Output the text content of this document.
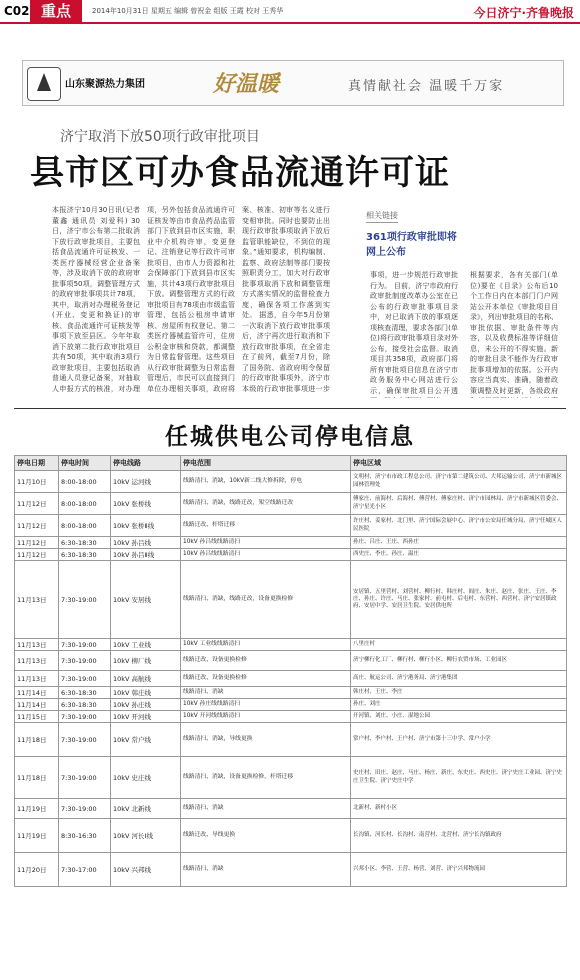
C02 重点	2014年10月31日 星期五 编辑 曾祝金 组版 王霞 校对 王秀华	今日济宁·齐鲁晚报
山东聚源热力集团	好温暖	真情献社会 温暖千万家
济宁取消下放50项行政审批项目
县市区可办食品流通许可证
本报济宁10月30日讯(记者 董鑫 通讯员 刘爱科) 30日，济宁市公布第二批取消下放行政审批项目，主要包括食品流通许可证核发、一类医疗器械经营企业备案等，涉及取消下放的政府审批事项50项，调整管理方式的政府审批事项共计78项，其中，取消对办理税务登记(开业、变更和换证)的审核、食品流通许可证核发等事项下放至县区。今年年取消下放第二批行政审批项目共有50项，其中取消3项行政审批项目，主要包括取消普通人员登记备案，对抽取人申报方式的核准，对办理
项，另外包括食品流通许可证核发等由市食品药品监管部门下放到县市区实施，职业中介机构许审，变更登记、注销登记等行政许可审批项目，由市人力资源和社会保障部门下放到县市区实施，共计43项行政审批项目下放。调整管理方式的行政审批项目有78项由市级监管管理，包括公租房申请审核、房屋所有权登记、第二类医疗器械监管许可，住房公积金审核和贷款，都调整为日常监督管理。这些项目从行政审批调整为日常监督管理后，市民可以直接到门单位办理相关事项，政府将
案、核准、初审等名义进行变相审批。同时也要防止出现行政审批事项取消下放后监管职能缺位，不到位的现象。”通知要求，机构编制、监察、政府法制等部门要按照职责分工，加大对行政审批事项取消下放和调整管理方式落实情况的监督检查力度，确保各项工作落到实处。 据悉，自今年5月份第一次取消下放行政审批事项后，济宁再次进行取消和下放行政审批事项，在全省走在了前列，截至7月份，除了国务院、省政府明令保留的行政审批事项外，济宁市本级的行政审批事项进一步
相关链接
361项行政审批即将网上公布
事项，进一步规范行政审批行为。 目前，济宁市政府行政审批制度改革办公室在已公布的行政审批事项目录中，对已取消下放的事项逐项核查清理，要求各部门(单位)将行政审批事项目录对外公布，接受社会监督。取消项目共358项，政府部门将所有审批项目信息在济宁市政务服务中心网站进行公示，确保审批项目公开透
根据要求，各有关部门(单位)要在《目录》公布后10个工作日内在本部门门户网站公开本单位《审批项目目录》，列出审批项目的名称、审批依据、审批条件等内容，以及收费标准等详细信息，未公开的不得实施。新的审批目录不能作为行政审批事项增加的依据。公开内容应当真实、准确，随着政策调整及时更新，各级政府
任城供电公司停电信息
停电日期	停电时间	停电线路	停电范围	停电区域
11月10日	8:00-18:00	10kV 运河线	线路清扫、消缺，10kV新二线大修拆除，停电	文明村、济宁市市政工程总公司、济宁市第二建筑公司、大邦运输公司、济宁市新城区园林管理处
11月12日	8:00-18:00	10kV 张桥线	线路清扫、消缺，线路迁改，架空线路迁改	傅家庄、前海村、后海村、傅营村、傅家庄村、济宁市园林局、济宁市新城区管委会、济宁星光小区
11月12日	8:00-18:00	10kV 张桥Ⅱ线	线路迁改、杆塔迁移	许庄村、姜家村、北门里、济宁国际会展中心、济宁市公安局任城分局、济宁任城区人民医院
11月12日	6:30-18:30	10kV 孙吕线	10kV 孙吕线线路清扫	孙庄、吕庄、王庄、西孙庄
11月12日	6:30-18:30	10kV 孙吕Ⅱ线	10kV 孙吕线线路清扫	西史庄、李庄、孙庄、温庄
11月13日	7:30-19:00	10kV 安居线	线路清扫、消缺，线路迁改，设备更换检修	安居镇、五里营村、刘营村、柳行村、韩庄村、阎庄、朱庄、赵庄、张庄、王庄、李庄、孙庄、许庄、马庄、张家村、前屯村、后屯村、东营村、西营村、济宁安居镇政府、安居中学、安居卫生院、安居供电所
11月13日	7:30-19:00	10kV 工业线	10kV 工业线线路清扫	八里庄村
11月13日	7:30-19:00	10kV 柳厂线	线路迁改、设备更换检修	济宁柳行化工厂、柳行村、柳行小区、柳行农贸市场、工业园区
11月13日	7:30-19:00	10kV 高航线	线路迁改、设备更换检修	高庄、航运公司、济宁港务局、济宁港集团
11月14日	6:30-18:30	10kV 韩庄线	线路清扫、消缺	韩庄村、王庄、李庄
11月14日	6:30-18:30	10kV 孙庄线	10kV 孙庄线线路清扫	孙庄、刘庄
11月15日	7:30-19:00	10kV 开河线	10kV 开河线线路清扫	开河镇、刘庄、小庄、湿地公园
11月18日	7:30-19:00	10kV 常户线	线路清扫、消缺，导线更换	常户村、李户村、王户村、济宁市第十三中学、常户小学
11月18日	7:30-19:00	10kV 史庄线	线路清扫、消缺，设备更换检修，杆塔迁移	史庄村、田庄、赵庄、马庄、杨庄、新庄、东史庄、西史庄、济宁史庄工业园、济宁史庄卫生院、济宁史庄中学
11月19日	7:30-19:00	10kV 北新线	线路清扫、消缺	北新村、新村小区
11月19日	8:30-16:30	10kV 河长Ⅰ线	线路迁改、导线更换	长沟镇、河长村、长沟村、南营村、北营村、济宁长沟镇政府
11月20日	7:30-17:00	10kV 兴邦线	线路清扫、消缺	兴邦小区、李营、王营、杨营、刘营、济宁兴邦物流园
